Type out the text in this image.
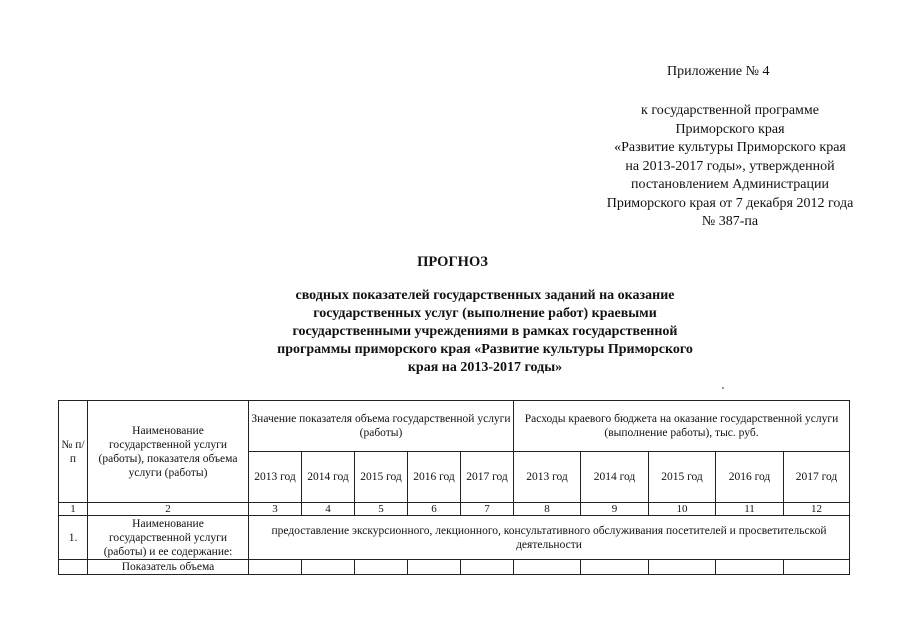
Приложение № 4
к государственной программе
Приморского края
«Развитие культуры Приморского края
на 2013-2017 годы», утвержденной
постановлением Администрации
Приморского края от 7 декабря 2012 года
№ 387-па
ПРОГНОЗ
сводных показателей государственных заданий на оказание
государственных услуг (выполнение работ) краевыми
государственными учреждениями в рамках государственной
программы приморского края «Развитие культуры Приморского
края на 2013-2017 годы»
№ п/п	Наименование государственной услуги (работы), показателя объема услуги (работы)	Значение показателя объема государственной услуги (работы)					Расходы краевого бюджета на оказание государственной услуги (выполнение работы), тыс. руб.				
		2013 год	2014 год	2015 год	2016 год	2017 год	2013 год	2014 год	2015 год	2016 год	2017 год
1	2	3	4	5	6	7	8	9	10	11	12
1.	Наименование государственной услуги (работы) и ее содержание:	предоставление экскурсионного, лекционного, консультативного обслуживания посетителей и просветительской деятельности									
	Показатель объема										
